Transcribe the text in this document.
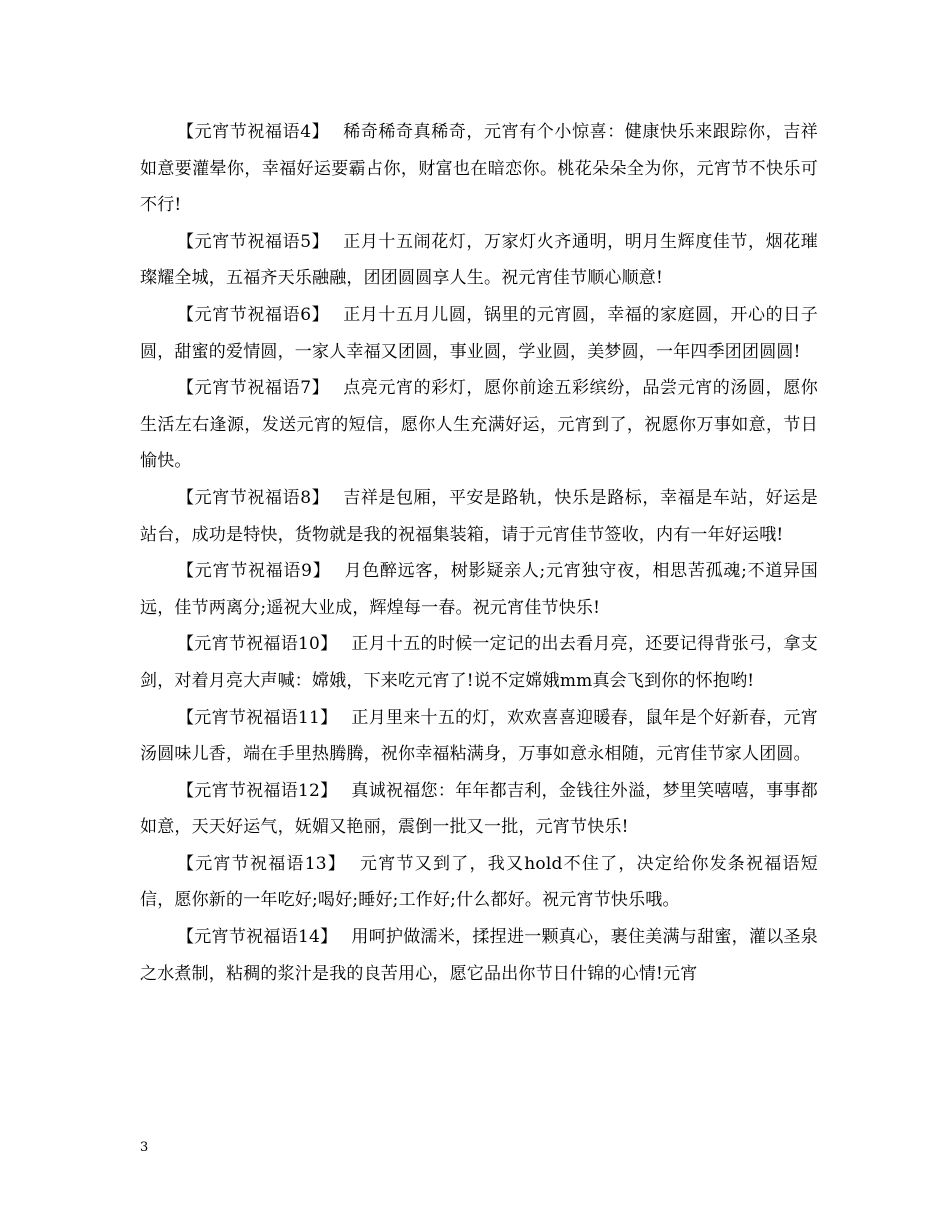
【元宵节祝福语4】 稀奇稀奇真稀奇，元宵有个小惊喜：健康快乐来跟踪你，吉祥如意要灌晕你，幸福好运要霸占你，财富也在暗恋你。桃花朵朵全为你，元宵节不快乐可不行!

【元宵节祝福语5】 正月十五闹花灯，万家灯火齐通明，明月生辉度佳节，烟花璀璨耀全城，五福齐天乐融融，团团圆圆享人生。祝元宵佳节顺心顺意!

【元宵节祝福语6】 正月十五月儿圆，锅里的元宵圆，幸福的家庭圆，开心的日子圆，甜蜜的爱情圆，一家人幸福又团圆，事业圆，学业圆，美梦圆，一年四季团团圆圆!

【元宵节祝福语7】 点亮元宵的彩灯，愿你前途五彩缤纷，品尝元宵的汤圆，愿你生活左右逢源，发送元宵的短信，愿你人生充满好运，元宵到了，祝愿你万事如意，节日愉快。

【元宵节祝福语8】 吉祥是包厢，平安是路轨，快乐是路标，幸福是车站，好运是站台，成功是特快，货物就是我的祝福集装箱，请于元宵佳节签收，内有一年好运哦!

【元宵节祝福语9】 月色醉远客，树影疑亲人;元宵独守夜，相思苦孤魂;不道异国远，佳节两离分;遥祝大业成，辉煌每一春。祝元宵佳节快乐!

【元宵节祝福语10】 正月十五的时候一定记的出去看月亮，还要记得背张弓，拿支剑，对着月亮大声喊：嫦娥，下来吃元宵了!说不定嫦娥mm真会飞到你的怀抱哟!

【元宵节祝福语11】 正月里来十五的灯，欢欢喜喜迎暖春，鼠年是个好新春，元宵汤圆味儿香，端在手里热腾腾，祝你幸福粘满身，万事如意永相随，元宵佳节家人团圆。

【元宵节祝福语12】 真诚祝福您：年年都吉利，金钱往外溢，梦里笑嘻嘻，事事都如意，天天好运气，妩媚又艳丽，震倒一批又一批，元宵节快乐!

【元宵节祝福语13】 元宵节又到了，我又hold不住了，决定给你发条祝福语短信，愿你新的一年吃好;喝好;睡好;工作好;什么都好。祝元宵节快乐哦。

【元宵节祝福语14】 用呵护做濡米，揉捏进一颗真心，裹住美满与甜蜜，灌以圣泉之水煮制，粘稠的浆汁是我的良苦用心，愿它品出你节日什锦的心情!元宵

3
